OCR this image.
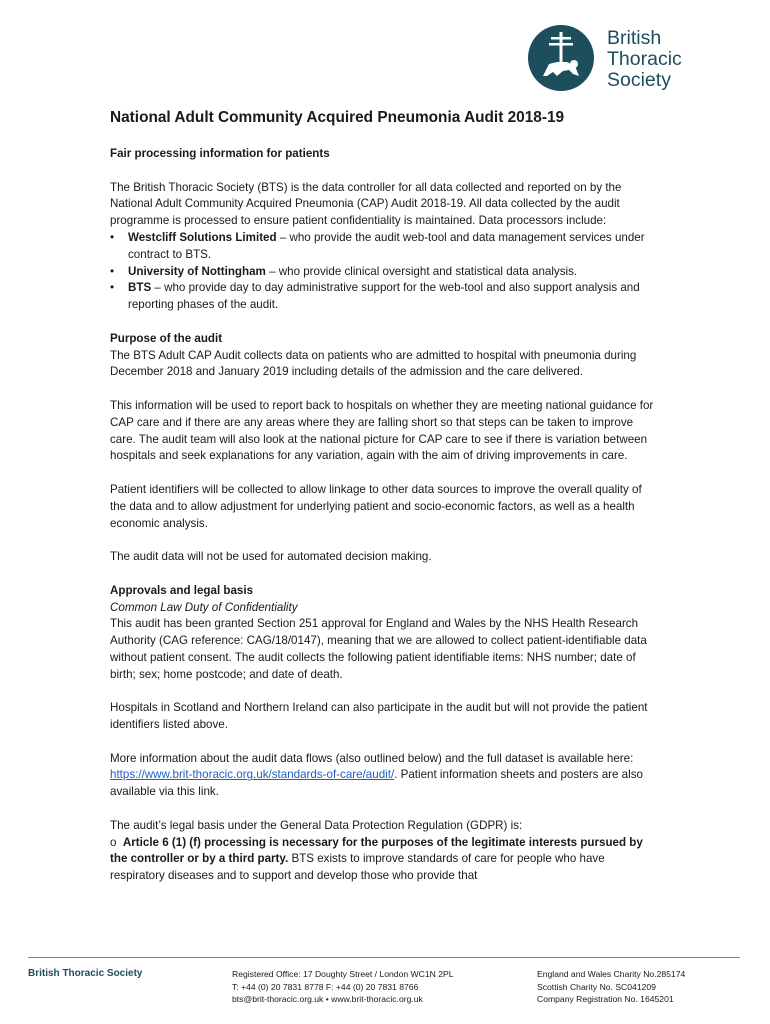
British
Thoracic
Society

National Adult Community Acquired Pneumonia Audit 2018-19

Fair processing information for patients

The British Thoracic Society (BTS) is the data controller for all data collected and reported on by the National Adult Community Acquired Pneumonia (CAP) Audit 2018-19. All data collected by the audit programme is processed to ensure patient confidentiality is maintained. Data processors include:

• Westcliff Solutions Limited – who provide the audit web-tool and data management services under contract to BTS.
• University of Nottingham – who provide clinical oversight and statistical data analysis.
• BTS – who provide day to day administrative support for the web-tool and also support analysis and reporting phases of the audit.

Purpose of the audit

The BTS Adult CAP Audit collects data on patients who are admitted to hospital with pneumonia during December 2018 and January 2019 including details of the admission and the care delivered.

This information will be used to report back to hospitals on whether they are meeting national guidance for CAP care and if there are any areas where they are falling short so that steps can be taken to improve care. The audit team will also look at the national picture for CAP care to see if there is variation between hospitals and seek explanations for any variation, again with the aim of driving improvements in care.

Patient identifiers will be collected to allow linkage to other data sources to improve the overall quality of the data and to allow adjustment for underlying patient and socio-economic factors, as well as a health economic analysis.

The audit data will not be used for automated decision making.

Approvals and legal basis

Common Law Duty of Confidentiality

This audit has been granted Section 251 approval for England and Wales by the NHS Health Research Authority (CAG reference: CAG/18/0147), meaning that we are allowed to collect patient-identifiable data without patient consent. The audit collects the following patient identifiable items: NHS number; date of birth; sex; home postcode; and date of death.

Hospitals in Scotland and Northern Ireland can also participate in the audit but will not provide the patient identifiers listed above.

More information about the audit data flows (also outlined below) and the full dataset is available here: https://www.brit-thoracic.org.uk/standards-of-care/audit/. Patient information sheets and posters are also available via this link.

The audit’s legal basis under the General Data Protection Regulation (GDPR) is:

o Article 6 (1) (f) processing is necessary for the purposes of the legitimate interests pursued by the controller or by a third party. BTS exists to improve standards of care for people who have respiratory diseases and to support and develop those who provide that

British Thoracic Society	Registered Office: 17 Doughty Street / London WC1N 2PL
T: +44 (0) 20 7831 8778 F: +44 (0) 20 7831 8766
bts@brit-thoracic.org.uk • www.brit-thoracic.org.uk
England and Wales Charity No.285174
Scottish Charity No. SC041209
Company Registration No. 1645201
